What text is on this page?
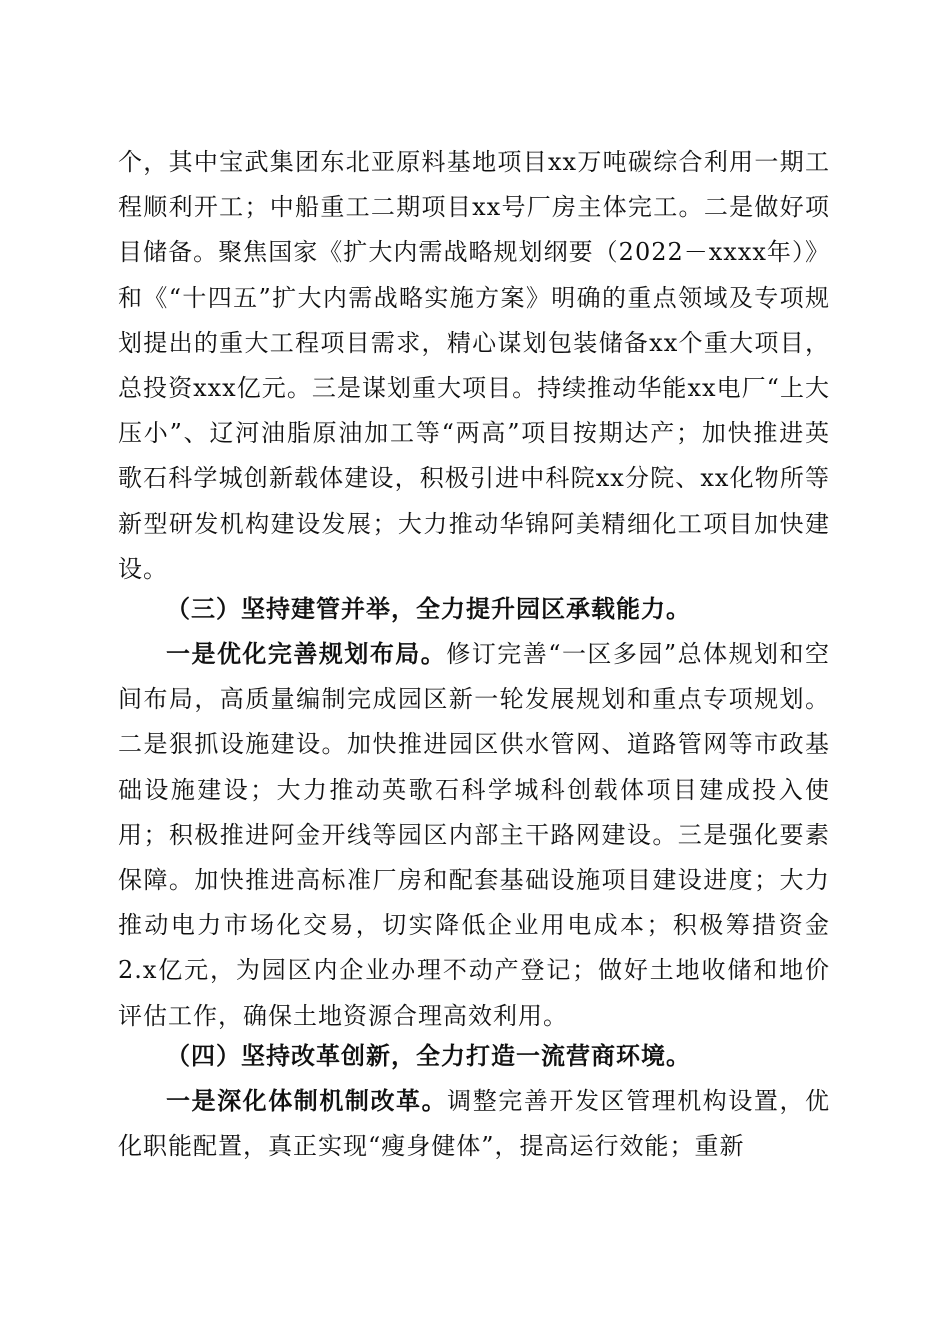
个，其中宝武集团东北亚原料基地项目xx万吨碳综合利用一期工程顺利开工；中船重工二期项目xx号厂房主体完工。二是做好项目储备。聚焦国家《扩大内需战略规划纲要（2022－xxxx年）》和《“十四五”扩大内需战略实施方案》明确的重点领域及专项规划提出的重大工程项目需求，精心谋划包装储备xx个重大项目，总投资xxx亿元。三是谋划重大项目。持续推动华能xx电厂“上大压小”、辽河油脂原油加工等“两高”项目按期达产；加快推进英歌石科学城创新载体建设，积极引进中科院xx分院、xx化物所等新型研发机构建设发展；大力推动华锦阿美精细化工项目加快建设。

（三）坚持建管并举，全力提升园区承载能力。

一是优化完善规划布局。修订完善“一区多园”总体规划和空间布局，高质量编制完成园区新一轮发展规划和重点专项规划。二是狠抓设施建设。加快推进园区供水管网、道路管网等市政基础设施建设；大力推动英歌石科学城科创载体项目建成投入使用；积极推进阿金开线等园区内部主干路网建设。三是强化要素保障。加快推进高标准厂房和配套基础设施项目建设进度；大力推动电力市场化交易，切实降低企业用电成本；积极筹措资金2.x亿元，为园区内企业办理不动产登记；做好土地收储和地价评估工作，确保土地资源合理高效利用。

（四）坚持改革创新，全力打造一流营商环境。

一是深化体制机制改革。调整完善开发区管理机构设置，优化职能配置，真正实现“瘦身健体”，提高运行效能；重新
